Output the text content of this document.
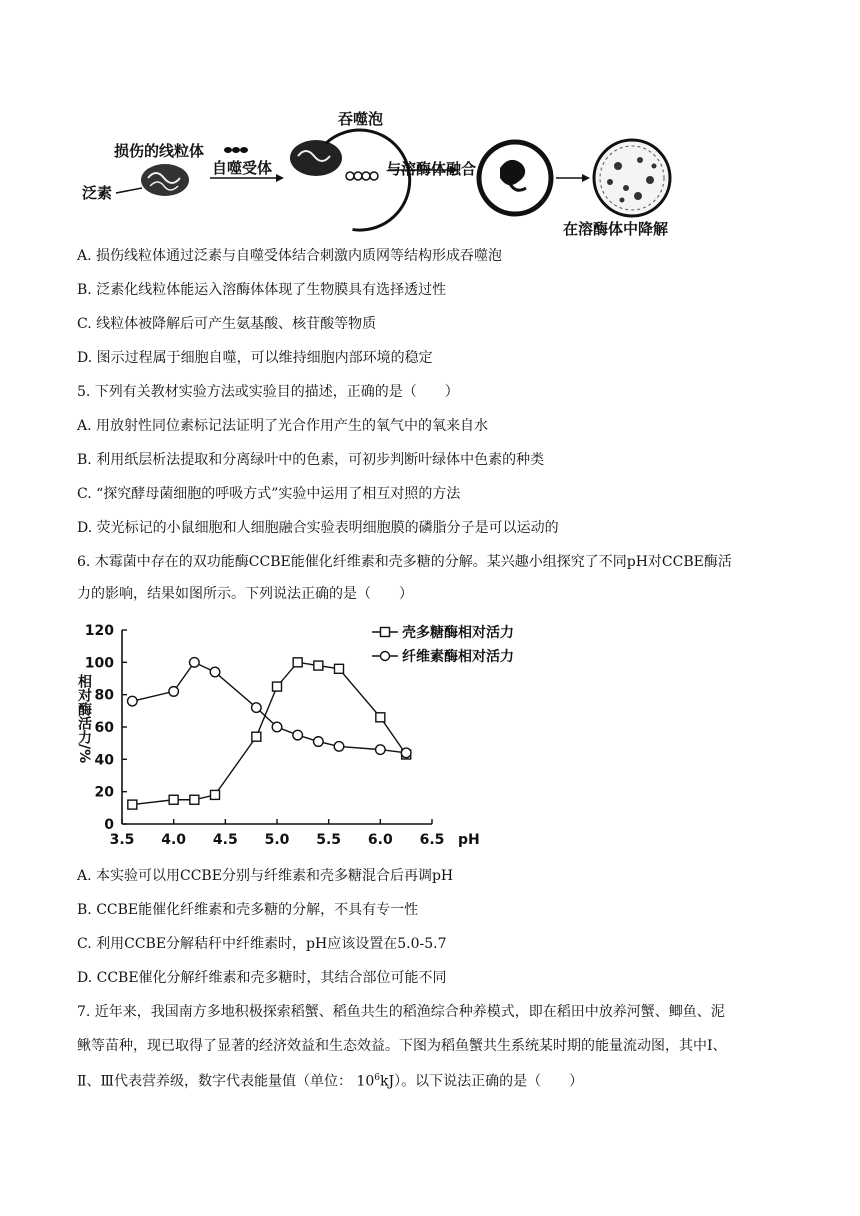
泛素
损伤的线粒体
自噬受体
吞噬泡
与溶酶体融合
在溶酶体中降解
A. 损伤线粒体通过泛素与自噬受体结合刺激内质网等结构形成吞噬泡
B. 泛素化线粒体能运入溶酶体体现了生物膜具有选择透过性
C. 线粒体被降解后可产生氨基酸、核苷酸等物质
D. 图示过程属于细胞自噬，可以维持细胞内部环境的稳定
5. 下列有关教材实验方法或实验目的描述，正确的是（　　）
A. 用放射性同位素标记法证明了光合作用产生的氧气中的氧来自水
B. 利用纸层析法提取和分离绿叶中的色素，可初步判断叶绿体中色素的种类
C. “探究酵母菌细胞的呼吸方式”实验中运用了相互对照的方法
D. 荧光标记的小鼠细胞和人细胞融合实验表明细胞膜的磷脂分子是可以运动的
6. 木霉菌中存在的双功能酶CCBE能催化纤维素和壳多糖的分解。某兴趣小组探究了不同pH对CCBE酶活
力的影响，结果如图所示。下列说法正确的是（　　）
3.5 4.0 4.5 5.0 5.5 6.0 6.5 pH
0
20
40
60
80
100
120
相对酶活力/%
壳多糖酶相对活力
纤维素酶相对活力
A. 本实验可以用CCBE分别与纤维素和壳多糖混合后再调pH
B. CCBE能催化纤维素和壳多糖的分解，不具有专一性
C. 利用CCBE分解秸秆中纤维素时，pH应该设置在5.0-5.7
D. CCBE催化分解纤维素和壳多糖时，其结合部位可能不同
7. 近年来，我国南方多地积极探索稻蟹、稻鱼共生的稻渔综合种养模式，即在稻田中放养河蟹、鲫鱼、泥
鳅等苗种，现已取得了显著的经济效益和生态效益。下图为稻鱼蟹共生系统某时期的能量流动图，其中Ⅰ、
Ⅱ、Ⅲ代表营养级，数字代表能量值（单位： $10^6kJ$）。以下说法正确的是（　　）
